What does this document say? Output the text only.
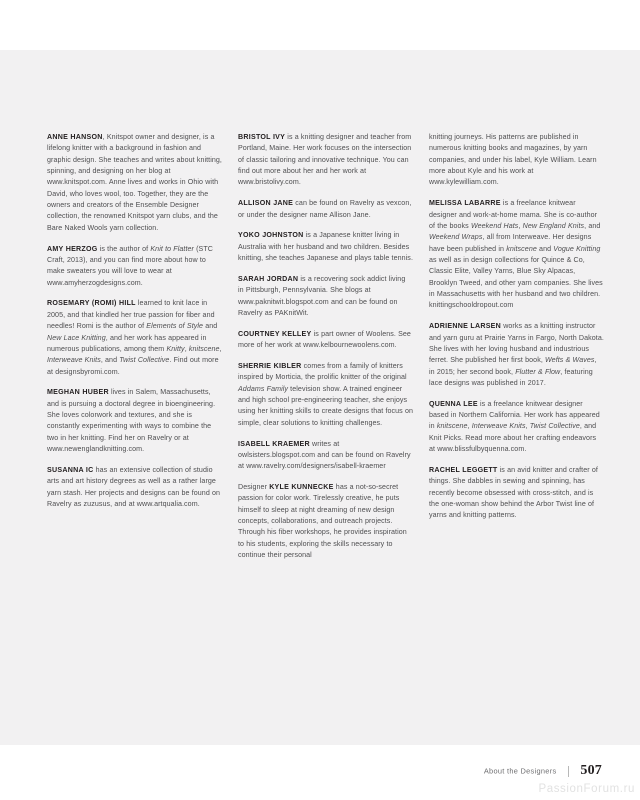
ANNE HANSON, Knitspot owner and designer, is a lifelong knitter with a background in fashion and graphic design. She teaches and writes about knitting, spinning, and designing on her blog at www.knitspot.com. Anne lives and works in Ohio with David, who loves wool, too. Together, they are the owners and creators of the Ensemble Designer collection, the renowned Knitspot yarn clubs, and the Bare Naked Wools yarn collection.

AMY HERZOG is the author of Knit to Flatter (STC Craft, 2013), and you can find more about how to make sweaters you will love to wear at www.amyherzogdesigns.com.

ROSEMARY (ROMI) HILL learned to knit lace in 2005, and that kindled her true passion for fiber and needles! Romi is the author of Elements of Style and New Lace Knitting, and her work has appeared in numerous publications, among them Knitty, knitscene, Interweave Knits, and Twist Collective. Find out more at designsbyromi.com.

MEGHAN HUBER lives in Salem, Massachusetts, and is pursuing a doctoral degree in bioengineering. She loves colorwork and textures, and she is constantly experimenting with ways to combine the two in her knitting. Find her on Ravelry or at www.newenglandknitting.com.

SUSANNA IC has an extensive collection of studio arts and art history degrees as well as a rather large yarn stash. Her projects and designs can be found on Ravelry as zuzusus, and at www.artqualia.com.

BRISTOL IVY is a knitting designer and teacher from Portland, Maine. Her work focuses on the intersection of classic tailoring and innovative technique. You can find out more about her and her work at www.bristolivy.com.

ALLISON JANE can be found on Ravelry as vexcon, or under the designer name Allison Jane.

YOKO JOHNSTON is a Japanese knitter living in Australia with her husband and two children. Besides knitting, she teaches Japanese and plays table tennis.

SARAH JORDAN is a recovering sock addict living in Pittsburgh, Pennsylvania. She blogs at www.paknitwit.blogspot.com and can be found on Ravelry as PAKnitWit.

COURTNEY KELLEY is part owner of Woolens. See more of her work at www.kelbournewoolens.com.

SHERRIE KIBLER comes from a family of knitters inspired by Morticia, the prolific knitter of the original Addams Family television show. A trained engineer and high school pre-engineering teacher, she enjoys using her knitting skills to create designs that focus on simple, clear solutions to knitting challenges.

ISABELL KRAEMER writes at owlsisters.blogspot.com and can be found on Ravelry at www.ravelry.com/designers/isabell-kraemer

Designer KYLE KUNNECKE has a not-so-secret passion for color work. Tirelessly creative, he puts himself to sleep at night dreaming of new design concepts, collaborations, and outreach projects. Through his fiber workshops, he provides inspiration to his students, exploring the skills necessary to continue their personal

knitting journeys. His patterns are published in numerous knitting books and magazines, by yarn companies, and under his label, Kyle William. Learn more about Kyle and his work at www.kylewilliam.com.

MELISSA LABARRE is a freelance knitwear designer and work-at-home mama. She is co-author of the books Weekend Hats, New England Knits, and Weekend Wraps, all from Interweave. Her designs have been published in knitscene and Vogue Knitting as well as in design collections for Quince & Co, Classic Elite, Valley Yarns, Blue Sky Alpacas, Brooklyn Tweed, and other yarn companies. She lives in Massachusetts with her husband and two children. knittingschooldropout.com

ADRIENNE LARSEN works as a knitting instructor and yarn guru at Prairie Yarns in Fargo, North Dakota. She lives with her loving husband and industrious ferret. She published her first book, Wefts & Waves, in 2015; her second book, Flutter & Flow, featuring lace designs was published in 2017.

QUENNA LEE is a freelance knitwear designer based in Northern California. Her work has appeared in knitscene, Interweave Knits, Twist Collective, and Knit Picks. Read more about her crafting endeavors at www.blissfulbyquenna.com.

RACHEL LEGGETT is an avid knitter and crafter of things. She dabbles in sewing and spinning, has recently become obsessed with cross-stitch, and is the one-woman show behind the Arbor Twist line of yarns and knitting patterns.

About the Designers 507
PassionForum.ru
